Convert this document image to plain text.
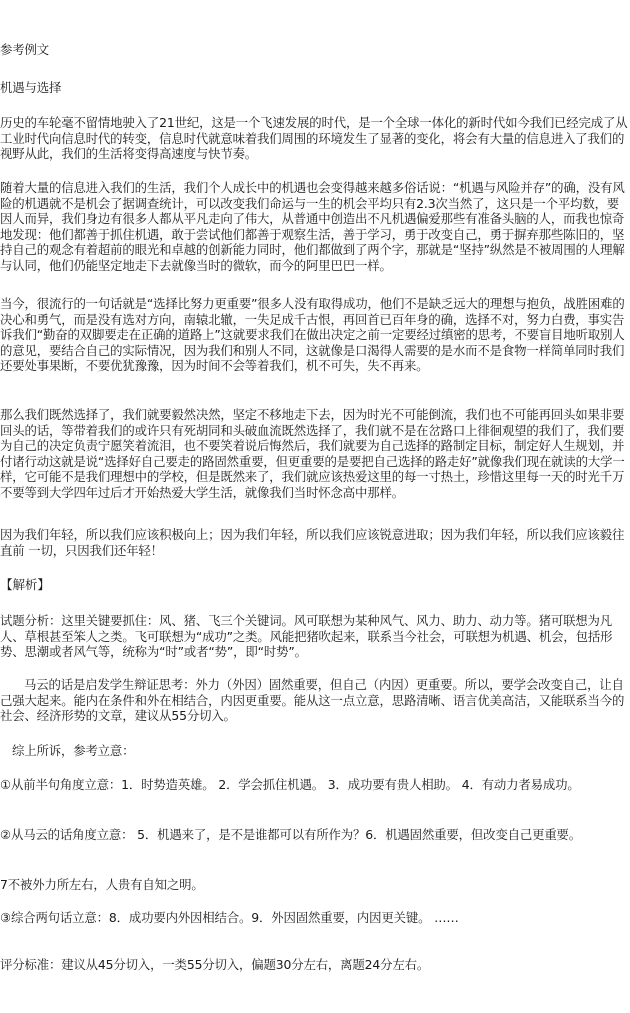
参考例文

机遇与选择

历史的车轮毫不留情地驶入了21世纪，这是一个飞速发展的时代，是一个全球一体化的新时代如今我们已经完成了从工业时代向信息时代的转变，信息时代就意味着我们周围的环境发生了显著的变化，将会有大量的信息进入了我们的视野从此，我们的生活将变得高速度与快节奏。

随着大量的信息进入我们的生活，我们个人成长中的机遇也会变得越来越多俗话说：“机遇与风险并存”的确，没有风险的机遇就不是机会了据调查统计，可以改变我们命运与一生的机会平均只有2.3次当然了，这只是一个平均数，要因人而异，我们身边有很多人都从平凡走向了伟大，从普通中创造出不凡机遇偏爱那些有准备头脑的人，而我也惊奇地发现：他们都善于抓住机遇，敢于尝试他们都善于观察生活，善于学习，勇于改变自己，勇于摒弃那些陈旧的，坚持自己的观念有着超前的眼光和卓越的创新能力同时，他们都做到了两个字，那就是“坚持”纵然是不被周围的人理解与认同，他们仍能坚定地走下去就像当时的微软，而今的阿里巴巴一样。

当今，很流行的一句话就是“选择比努力更重要”很多人没有取得成功，他们不是缺乏远大的理想与抱负，战胜困难的决心和勇气，而是没有选对方向，南辕北辙，一失足成千古恨，再回首已百年身的确，选择不对，努力白费，事实告诉我们“勤奋的双脚要走在正确的道路上”这就要求我们在做出决定之前一定要经过缜密的思考，不要盲目地听取别人的意见，要结合自己的实际情况，因为我们和别人不同，这就像是口渴得人需要的是水而不是食物一样简单同时我们还要处事果断，不要优犹豫豫，因为时间不会等着我们，机不可失，失不再来。

那么我们既然选择了，我们就要毅然决然，坚定不移地走下去，因为时光不可能倒流，我们也不可能再回头如果非要回头的话，等带着我们的或许只有死胡同和头破血流既然选择了，我们就不是在岔路口上徘徊观望的我们了，我们要为自己的决定负责宁愿笑着流泪，也不要笑着说后悔然后，我们就要为自己选择的路制定目标，制定好人生规划，并付诸行动这就是说“选择好自己要走的路固然重要，但更重要的是要把自己选择的路走好”就像我们现在就读的大学一样，它可能不是我们理想中的学校，但是既然来了，我们就应该热爱这里的每一寸热土，珍惜这里每一天的时光千万不要等到大学四年过后才开始热爱大学生活，就像我们当时怀念高中那样。

因为我们年轻，所以我们应该积极向上；因为我们年轻，所以我们应该锐意进取；因为我们年轻，所以我们应该毅往直前 一切，只因我们还年轻！

【解析】

试题分析：这里关键要抓住：风、猪、飞三个关键词。风可联想为某种风气、风力、助力、动力等。猪可联想为凡人、草根甚至笨人之类。飞可联想为“成功”之类。风能把猪吹起来，联系当今社会，可联想为机遇、机会，包括形势、思潮或者风气等，统称为“时”或者“势”，即“时势”。

马云的话是启发学生辩证思考：外力（外因）固然重要，但自己（内因）更重要。所以，要学会改变自己，让自己强大起来。能内在条件和外在相结合，内因更重要。能从这一点立意，思路清晰、语言优美高洁，又能联系当今的社会、经济形势的文章，建议从55分切入。

综上所诉，参考立意：

①从前半句角度立意：1．时势造英雄。 2．学会抓住机遇。 3．成功要有贵人相助。 4．有动力者易成功。

②从马云的话角度立意： 5．机遇来了，是不是谁都可以有所作为？6．机遇固然重要，但改变自己更重要。

7不被外力所左右，人贵有自知之明。

③综合两句话立意：8．成功要内外因相结合。9．外因固然重要，内因更关键。 ……

评分标准：建议从45分切入，一类55分切入，偏题30分左右，离题24分左右。
